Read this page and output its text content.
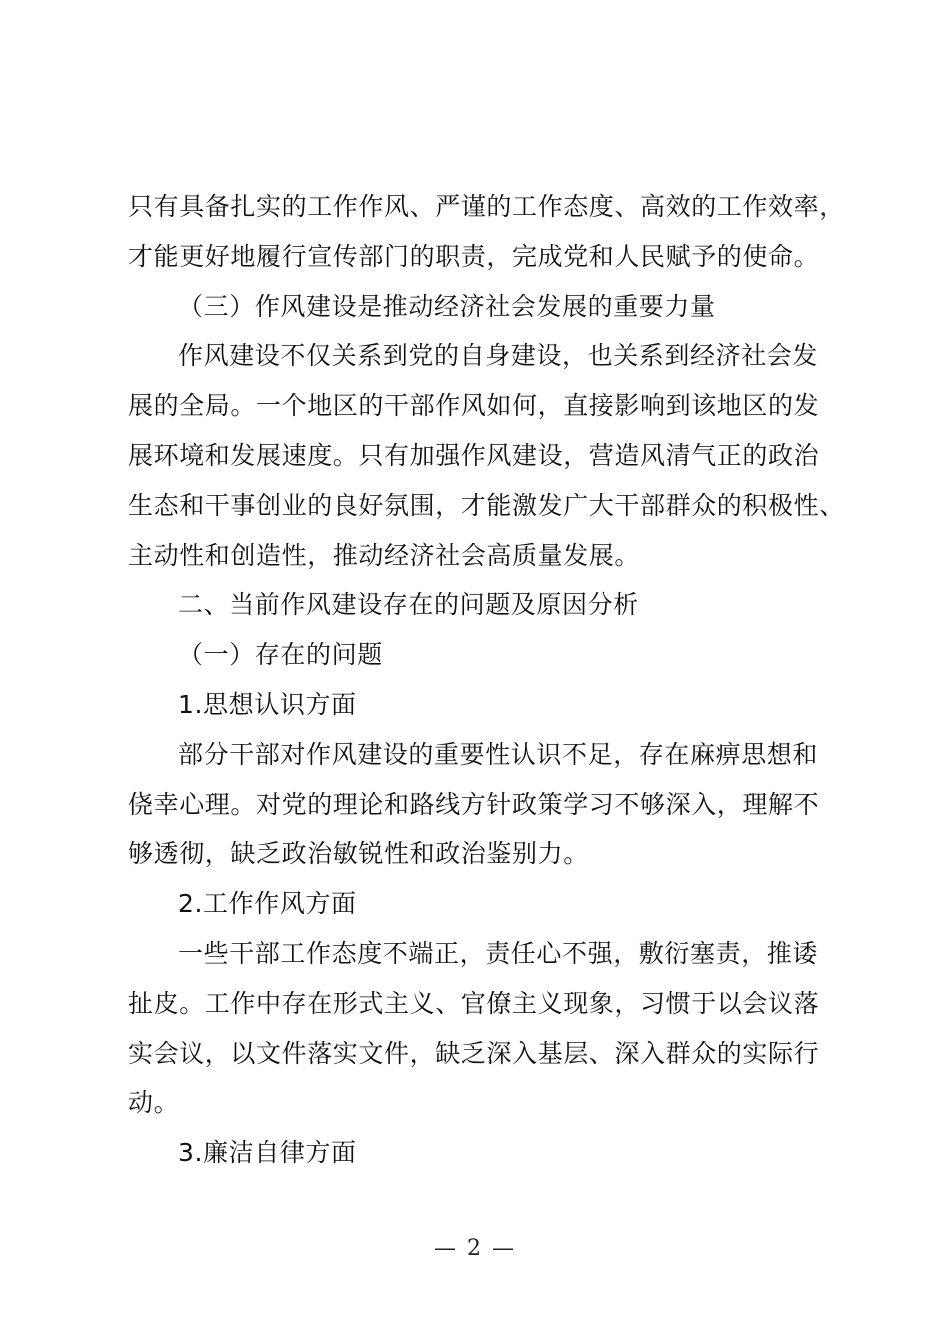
只有具备扎实的工作作风、严谨的工作态度、高效的工作效率，
才能更好地履行宣传部门的职责，完成党和人民赋予的使命。
（三）作风建设是推动经济社会发展的重要力量
作风建设不仅关系到党的自身建设，也关系到经济社会发
展的全局。一个地区的干部作风如何，直接影响到该地区的发
展环境和发展速度。只有加强作风建设，营造风清气正的政治
生态和干事创业的良好氛围，才能激发广大干部群众的积极性、
主动性和创造性，推动经济社会高质量发展。
二、当前作风建设存在的问题及原因分析
（一）存在的问题
1.思想认识方面
部分干部对作风建设的重要性认识不足，存在麻痹思想和
侥幸心理。对党的理论和路线方针政策学习不够深入，理解不
够透彻，缺乏政治敏锐性和政治鉴别力。
2.工作作风方面
一些干部工作态度不端正，责任心不强，敷衍塞责，推诿
扯皮。工作中存在形式主义、官僚主义现象，习惯于以会议落
实会议，以文件落实文件，缺乏深入基层、深入群众的实际行
动。
3.廉洁自律方面
— 2 —
